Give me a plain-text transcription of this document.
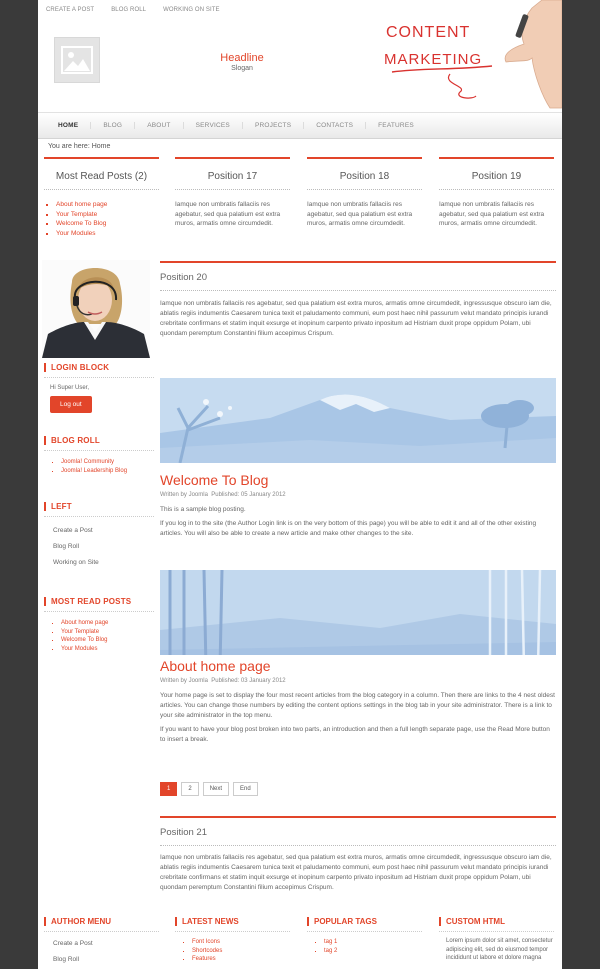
CREATE A POST	BLOG ROLL	WORKING ON SITE
Headline
Slogan
CONTENT
MARKETING
HOME	BLOG	ABOUT	SERVICES	PROJECTS	CONTACTS	FEATURES
You are here: Home
Most Read Posts (2)
▪ About home page
▪ Your Template
▪ Welcome To Blog
▪ Your Modules
Position 17

Iamque non umbratis fallaciis res agebatur, sed qua palatium est extra muros, armatis omne circumdedit.

Position 18

Iamque non umbratis fallaciis res agebatur, sed qua palatium est extra muros, armatis omne circumdedit.

Position 19

Iamque non umbratis fallaciis res agebatur, sed qua palatium est extra muros, armatis omne circumdedit.

LOGIN BLOCK
Hi Super User,
Log out
BLOG ROLL
▪ Joomla! Community
▪ Joomla! Leadership Blog
LEFT
Create a Post
Blog Roll
Working on Site
MOST READ POSTS
▪ About home page
▪ Your Template
▪ Welcome To Blog
▪ Your Modules
Position 20

Iamque non umbratis fallaciis res agebatur, sed qua palatium est extra muros, armatis omne circumdedit, ingressusque obscuro iam die, ablatis regiis indumentis Caesarem tunica texit et paludamento communi, eum post haec nihil passurum velut mandato principis iurandi crebritate confirmans et statim inquit exsurge et inopinum carpento privato inpositum ad Histriam duxit prope oppidum Polam, ubi quondam peremptum Constantini filium accepimus Crispum.

Welcome To Blog
Written by Joomla Published: 05 January 2012

This is a sample blog posting.

If you log in to the site (the Author Login link is on the very bottom of this page) you will be able to edit it and all of the other existing articles. You will also be able to create a new article and make other changes to the site.

About home page
Written by Joomla Published: 03 January 2012

Your home page is set to display the four most recent articles from the blog category in a column. Then there are links to the 4 nest oldest articles. You can change those numbers by editing the content options settings in the blog tab in your site administrator. There is a link to your site administrator in the top menu.

If you want to have your blog post broken into two parts, an introduction and then a full length separate page, use the Read More button to insert a break.

1	2	Next	End
Position 21

Iamque non umbratis fallaciis res agebatur, sed qua palatium est extra muros, armatis omne circumdedit, ingressusque obscuro iam die, ablatis regiis indumentis Caesarem tunica texit et paludamento communi, eum post haec nihil passurum velut mandato principis iurandi crebritate confirmans et statim inquit exsurge et inopinum carpento privato inpositum ad Histriam duxit prope oppidum Polam, ubi quondam peremptum Constantini filium accepimus Crispum.

AUTHOR MENU
Create a Post
Blog Roll
LATEST NEWS
▪ Font Icons
▪ Shortcodes
▪ Features
POPULAR TAGS
▪ tag 1
▪ tag 2
CUSTOM HTML

Lorem ipsum dolor sit amet, consectetur adipiscing elit, sed do eiusmod tempor incididunt ut labore et dolore magna
